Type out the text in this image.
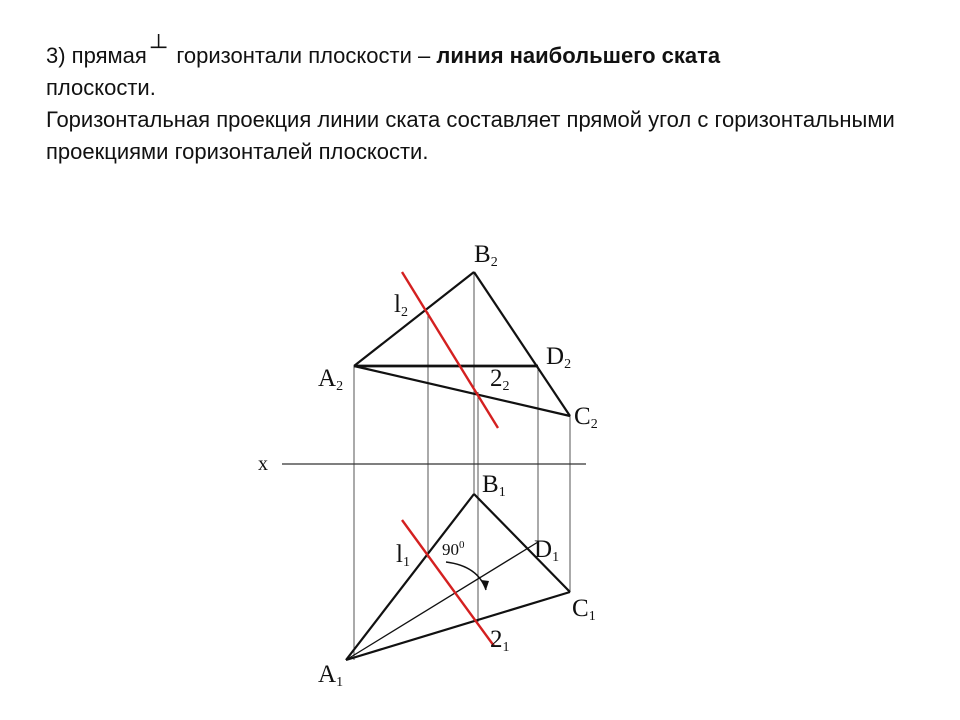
3) прямая ┴ горизонтали плоскости – линия наибольшего ската

плоскости.

Горизонтальная проекция линии ската составляет прямой угол с горизонтальными проекциями горизонталей плоскости.

x
$90^0$
B2
l2
A2
D2
22
C2
B1
l1	D1
C1
21
A1
